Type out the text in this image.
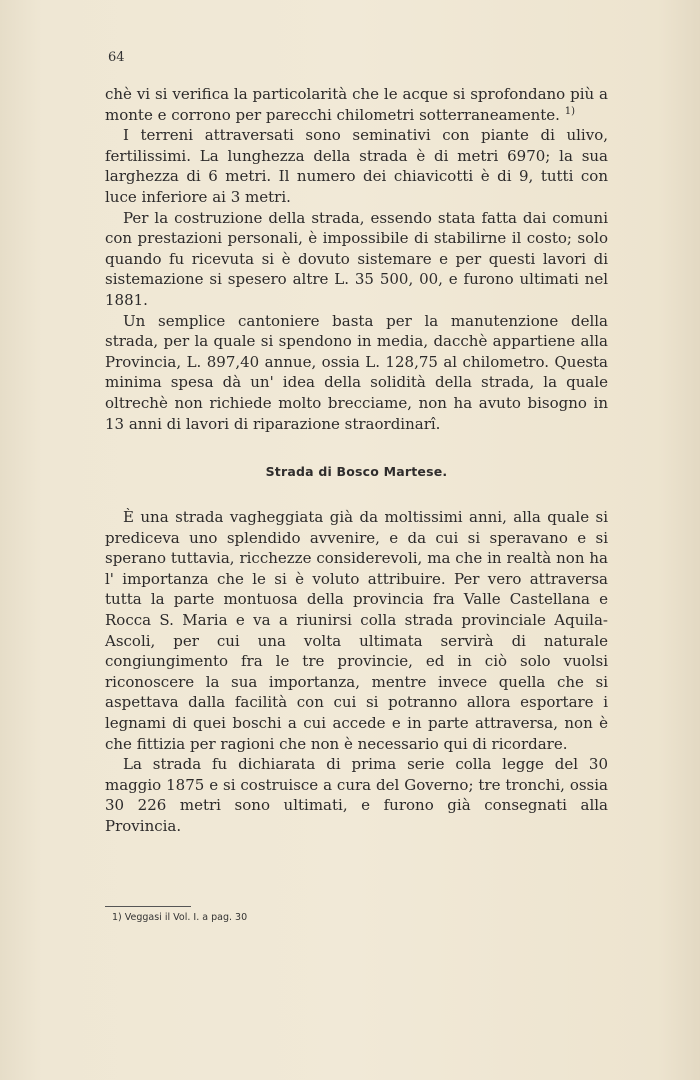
64

chè vi si verifica la particolarità che le acque si sprofondano più a monte e corrono per parecchi chilometri sotterraneamente. $^{1)}$

I terreni attraversati sono seminativi con piante di ulivo, fertilissimi. La lunghezza della strada è di metri 6970; la sua larghezza di 6 metri. Il numero dei chiavicotti è di 9, tutti con luce inferiore ai 3 metri.

Per la costruzione della strada, essendo stata fatta dai comuni con prestazioni personali, è impossibile di stabilirne il costo; solo quando fu ricevuta si è dovuto sistemare e per questi lavori di sistemazione si spesero altre L. 35 500, 00, e furono ultimati nel 1881.

Un semplice cantoniere basta per la manutenzione della strada, per la quale si spendono in media, dacchè appartiene alla Provincia, L. 897,40 annue, ossia L. 128,75 al chilometro. Questa minima spesa dà un' idea della solidità della strada, la quale oltrechè non richiede molto brecciame, non ha avuto bisogno in 13 anni di lavori di riparazione straordinarî.

Strada di Bosco Martese.

È una strada vagheggiata già da moltissimi anni, alla quale si prediceva uno splendido avvenire, e da cui si speravano e si sperano tuttavia, ricchezze considerevoli, ma che in realtà non ha l' importanza che le si è voluto attribuire. Per vero attraversa tutta la parte montuosa della provincia fra Valle Castellana e Rocca S. Maria e va a riunirsi colla strada provinciale Aquila-Ascoli, per cui una volta ultimata servirà di naturale congiungimento fra le tre provincie, ed in ciò solo vuolsi riconoscere la sua importanza, mentre invece quella che si aspettava dalla facilità con cui si potranno allora esportare i legnami di quei boschi a cui accede e in parte attraversa, non è che fittizia per ragioni che non è necessario qui di ricordare.

La strada fu dichiarata di prima serie colla legge del 30 maggio 1875 e si costruisce a cura del Governo; tre tronchi, ossia 30 226 metri sono ultimati, e furono già consegnati alla Provincia.

1) Veggasi il Vol. I. a pag. 30
